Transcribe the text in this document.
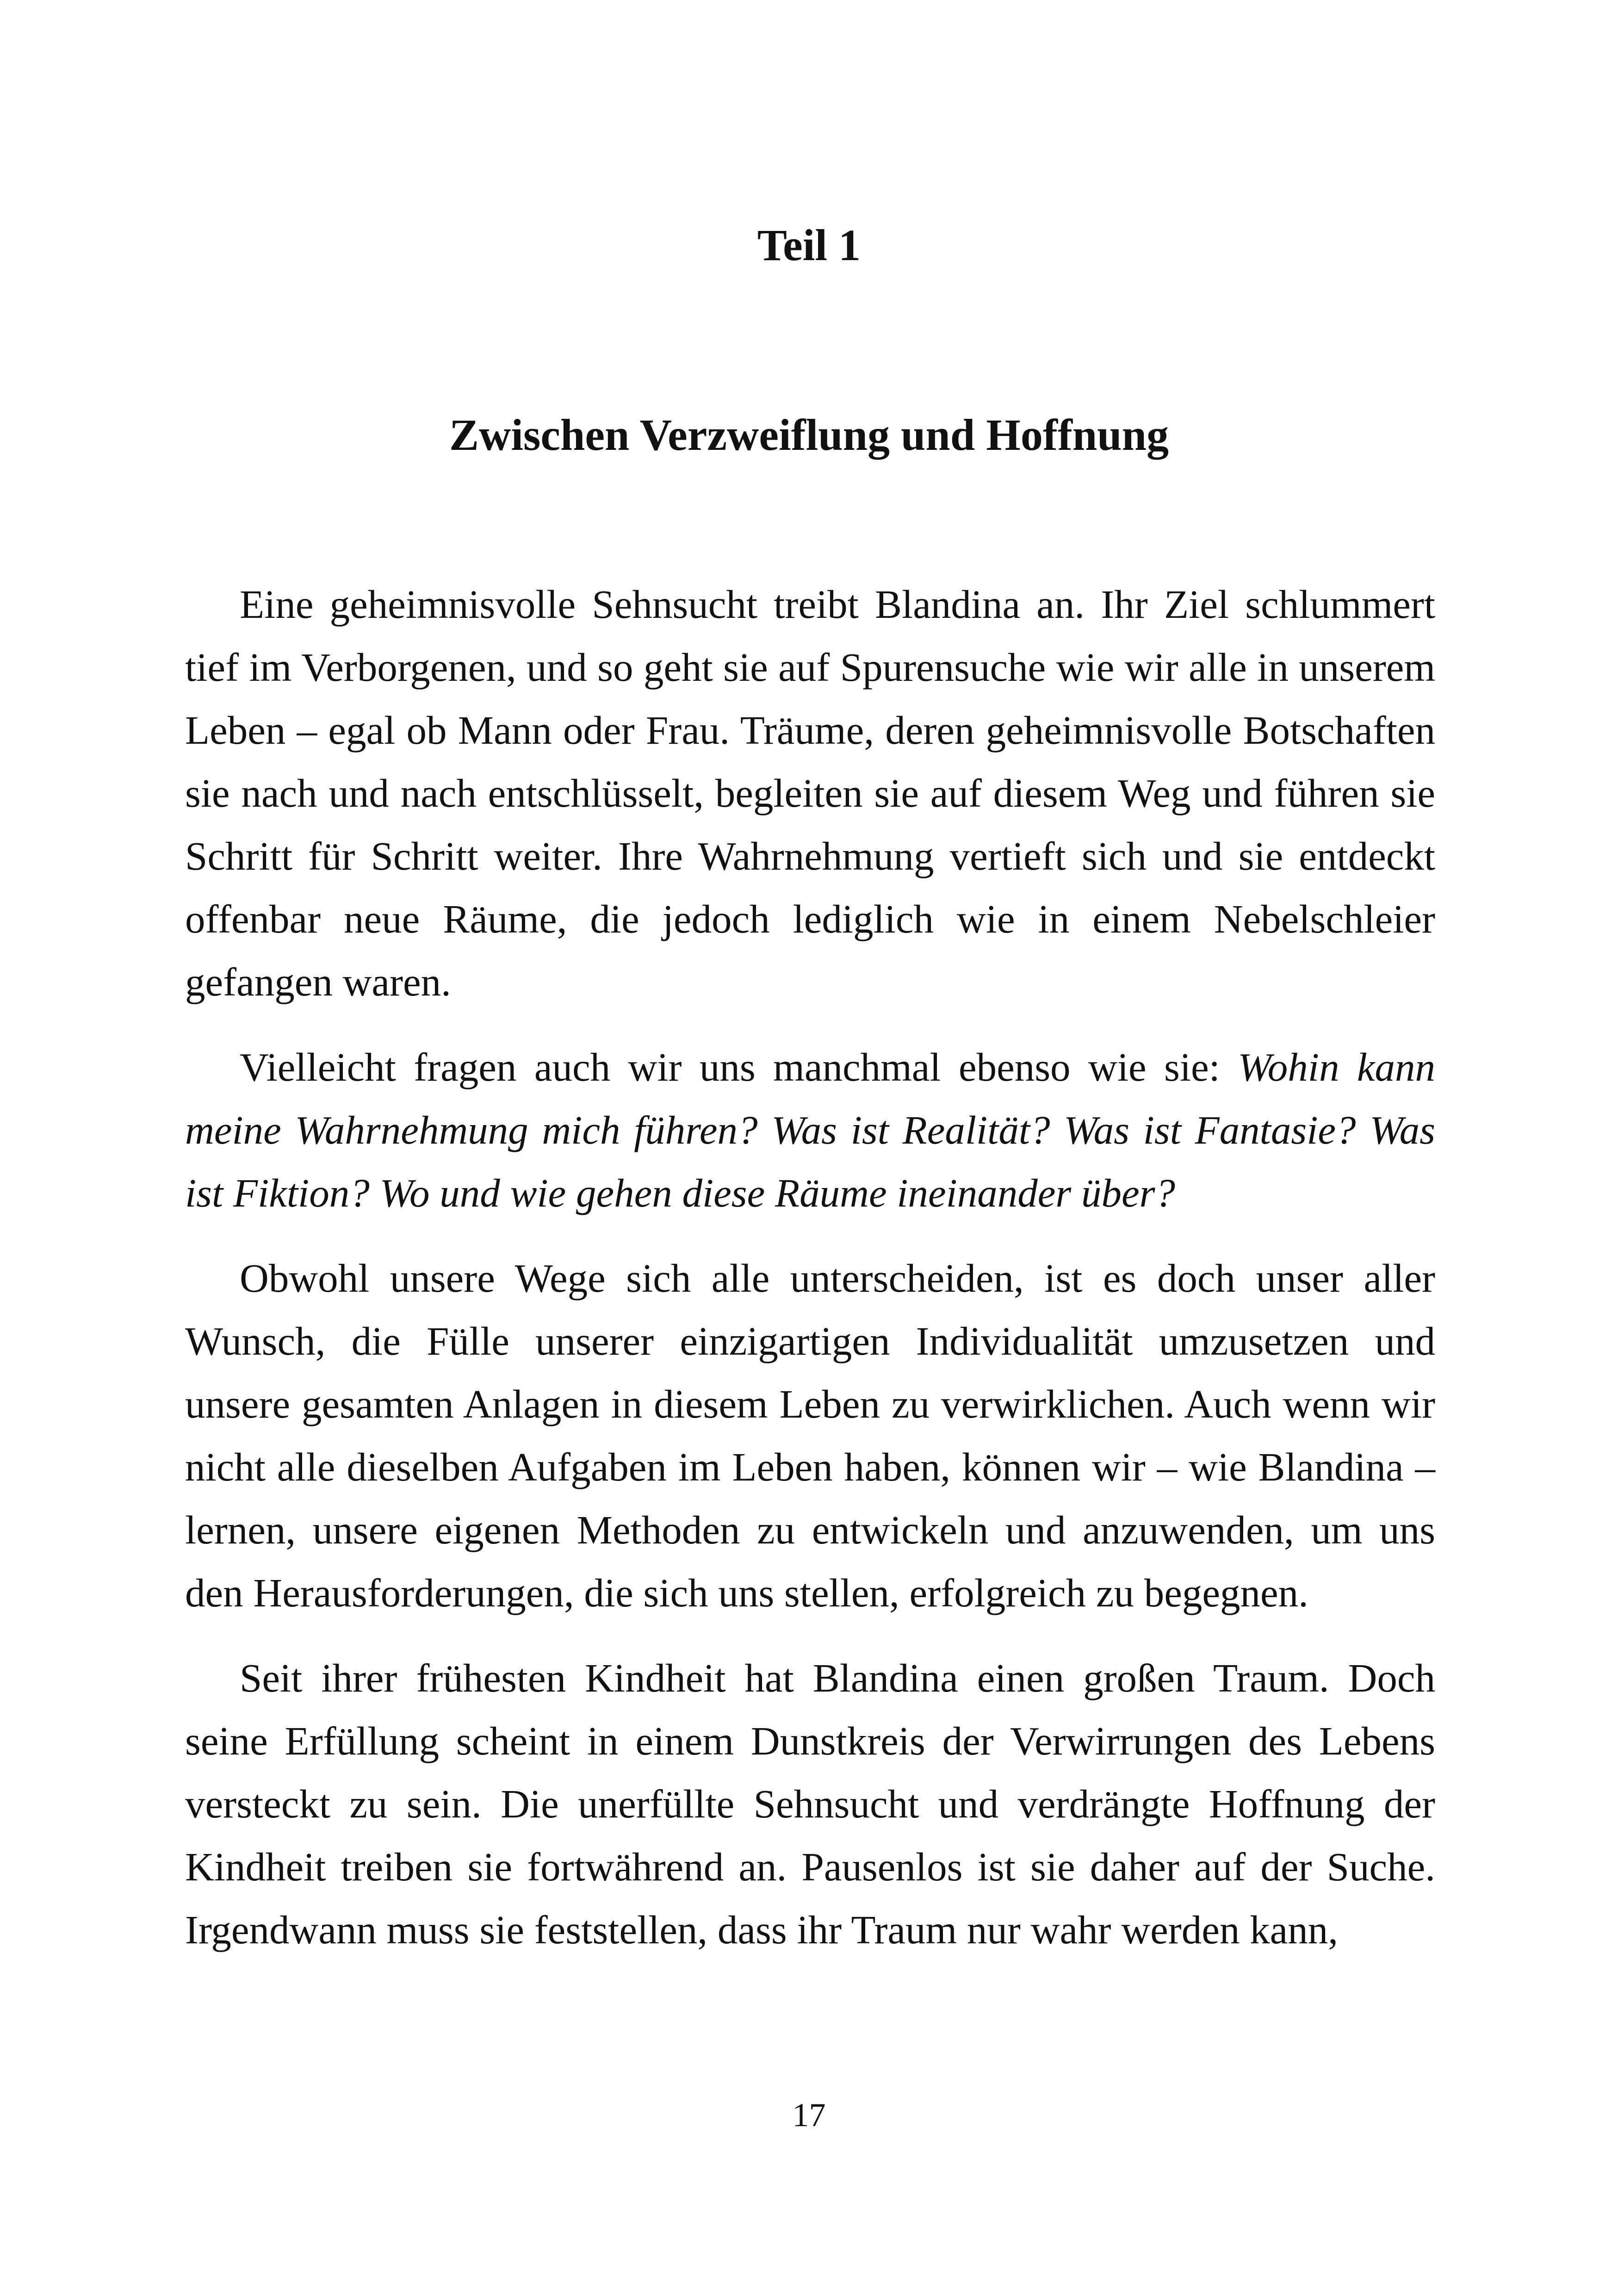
Teil 1
Zwischen Verzweiflung und Hoffnung

Eine geheimnisvolle Sehnsucht treibt Blandina an. Ihr Ziel schlummert tief im Verborgenen, und so geht sie auf Spurensuche wie wir alle in unserem Leben – egal ob Mann oder Frau. Träume, deren geheimnisvolle Botschaften sie nach und nach entschlüsselt, begleiten sie auf diesem Weg und führen sie Schritt für Schritt weiter. Ihre Wahrnehmung vertieft sich und sie entdeckt offenbar neue Räume, die jedoch lediglich wie in einem Nebelschleier gefangen waren.

Vielleicht fragen auch wir uns manchmal ebenso wie sie: Wohin kann meine Wahrnehmung mich führen? Was ist Realität? Was ist Fantasie? Was ist Fiktion? Wo und wie gehen diese Räume ineinander über?

Obwohl unsere Wege sich alle unterscheiden, ist es doch unser aller Wunsch, die Fülle unserer einzigartigen Individualität umzusetzen und unsere gesamten Anlagen in diesem Leben zu verwirklichen. Auch wenn wir nicht alle dieselben Aufgaben im Leben haben, können wir – wie Blandina – lernen, unsere eigenen Methoden zu entwickeln und anzuwenden, um uns den Herausforderungen, die sich uns stellen, erfolgreich zu begegnen.

Seit ihrer frühesten Kindheit hat Blandina einen großen Traum. Doch seine Erfüllung scheint in einem Dunstkreis der Verwirrungen des Lebens versteckt zu sein. Die unerfüllte Sehnsucht und verdrängte Hoffnung der Kindheit treiben sie fortwährend an. Pausenlos ist sie daher auf der Suche. Irgendwann muss sie feststellen, dass ihr Traum nur wahr werden kann,

17
